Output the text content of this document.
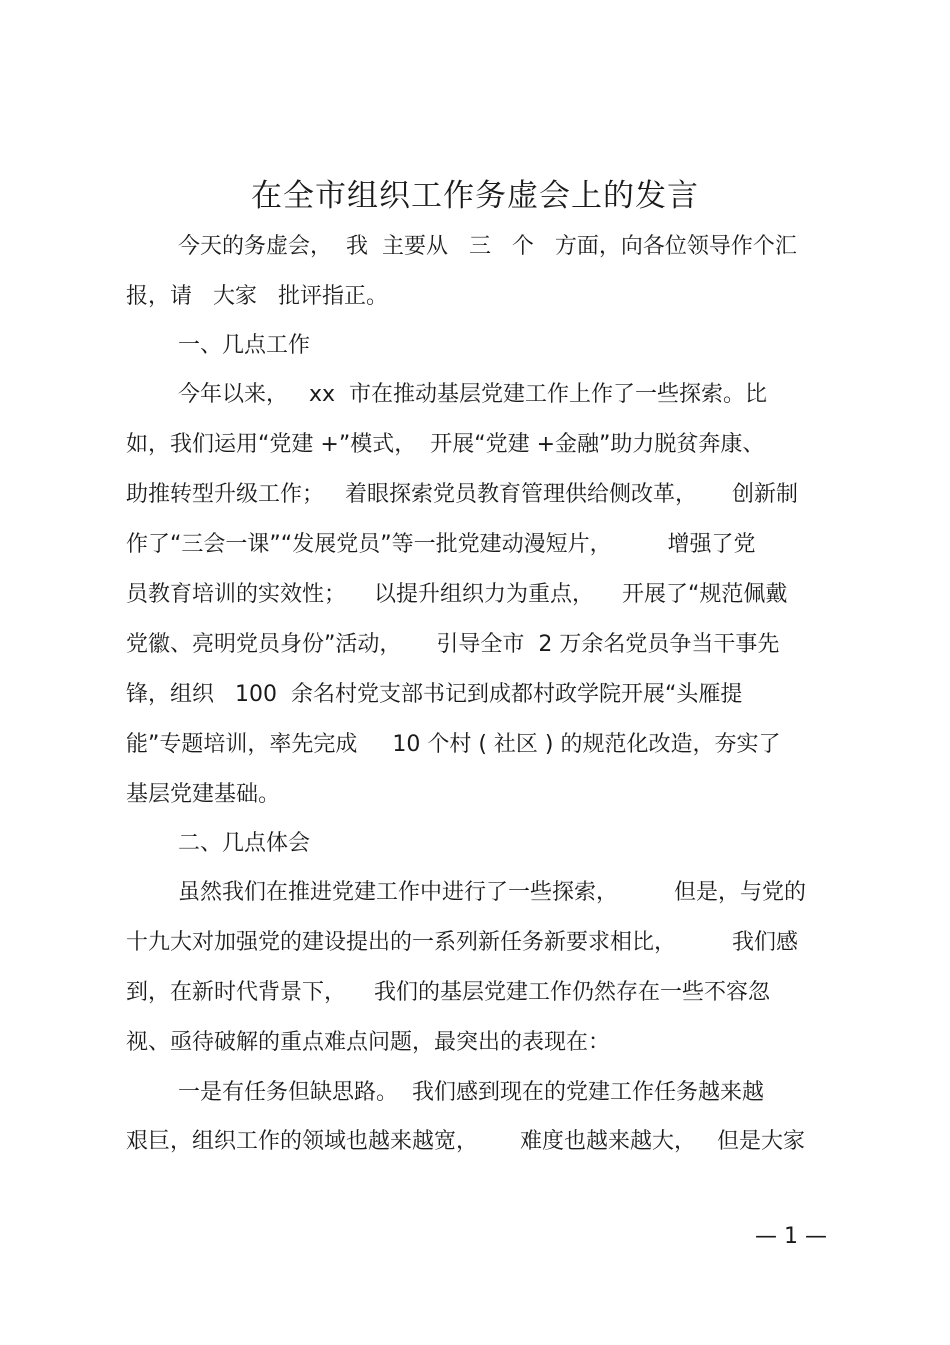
在全市组织工作务虚会上的发言
今天的务虚会，  我  主要从   三   个   方面，向各位领导作个汇
报，请   大家   批评指正。
一、几点工作
今年以来，   xx  市在推动基层党建工作上作了一些探索。比
如，我们运用“党建 +”模式，  开展“党建 +金融”助力脱贫奔康、
助推转型升级工作；   着眼探索党员教育管理供给侧改革，     创新制
作了“三会一课”“发展党员”等一批党建动漫短片，        增强了党
员教育培训的实效性；    以提升组织力为重点，    开展了“规范佩戴
党徽、亮明党员身份”活动，     引导全市  2 万余名党员争当干事先
锋，组织   100  余名村党支部书记到成都村政学院开展“头雁提
能”专题培训，率先完成     10 个村 ( 社区 ) 的规范化改造，夯实了
基层党建基础。
二、几点体会
虽然我们在推进党建工作中进行了一些探索，        但是，与党的
十九大对加强党的建设提出的一系列新任务新要求相比，        我们感
到，在新时代背景下，    我们的基层党建工作仍然存在一些不容忽
视、亟待破解的重点难点问题，最突出的表现在：
一是有任务但缺思路。  我们感到现在的党建工作任务越来越
艰巨，组织工作的领域也越来越宽，      难度也越来越大，   但是大家
— 1 —
